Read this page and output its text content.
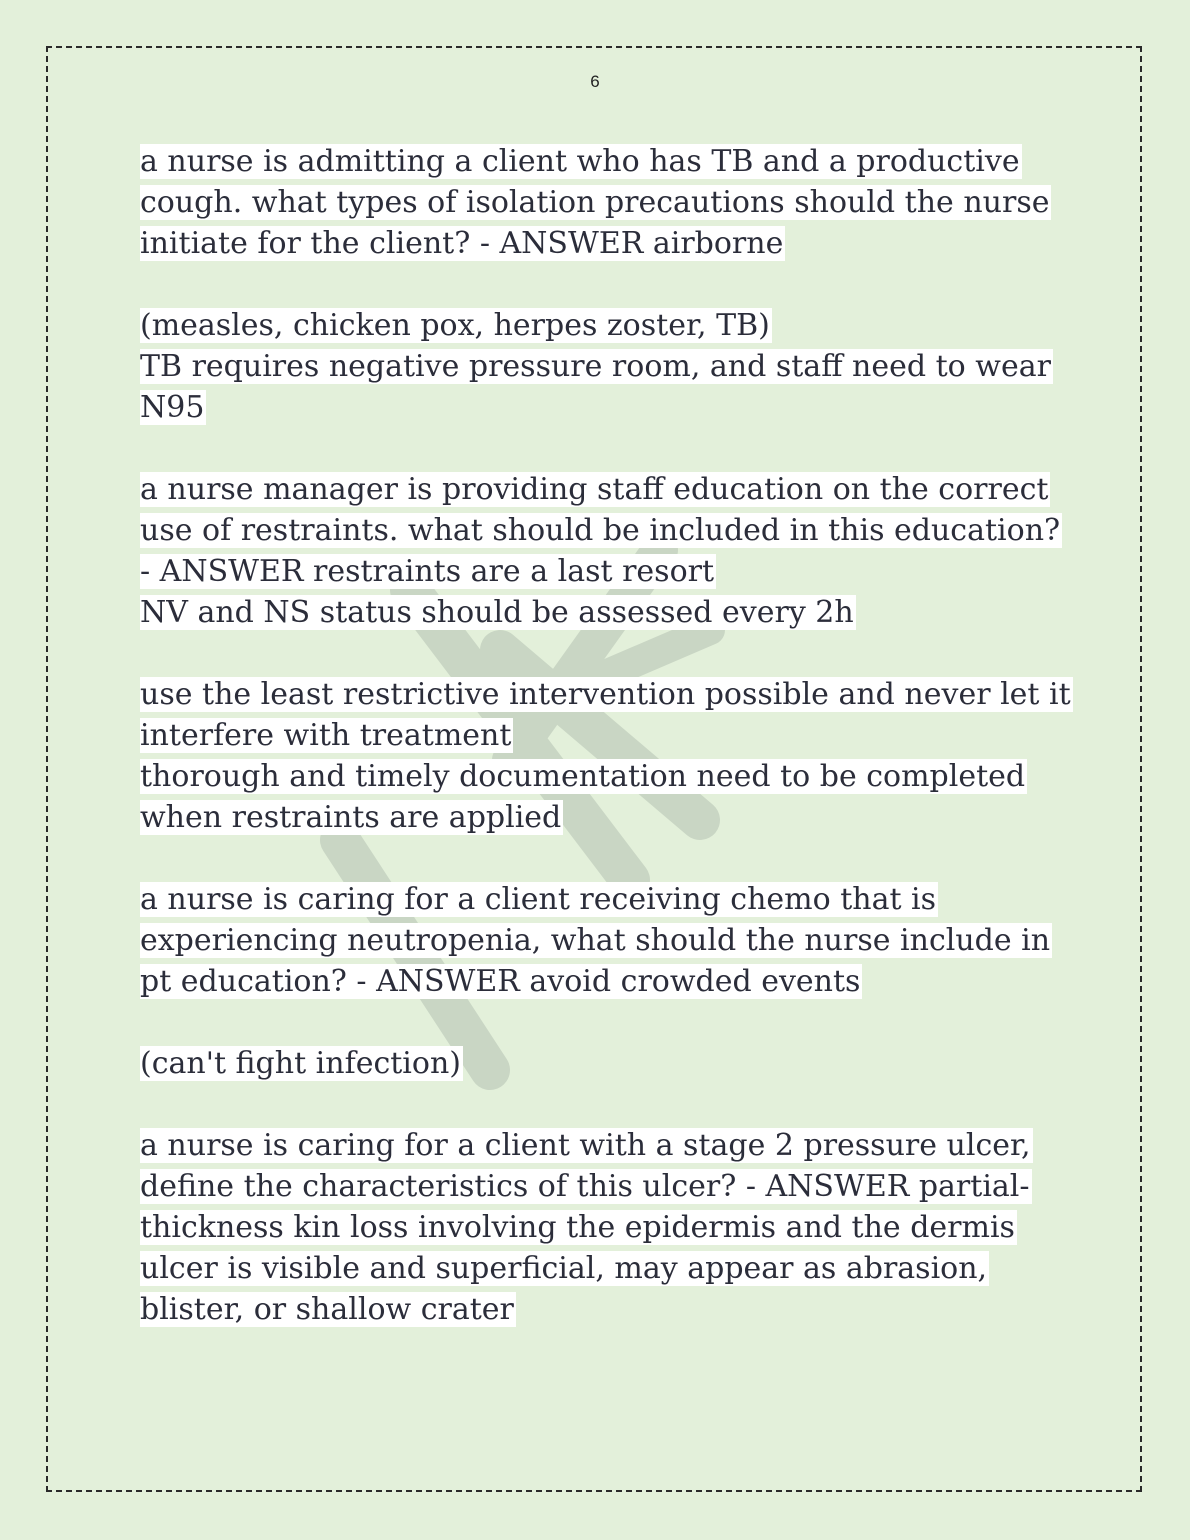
6
a nurse is admitting a client who has TB and a productive
cough. what types of isolation precautions should the nurse
initiate for the client? - ANSWER airborne
(measles, chicken pox, herpes zoster, TB)
TB requires negative pressure room, and staff need to wear
N95
a nurse manager is providing staff education on the correct
use of restraints. what should be included in this education?
- ANSWER restraints are a last resort
NV and NS status should be assessed every 2h
use the least restrictive intervention possible and never let it
interfere with treatment
thorough and timely documentation need to be completed
when restraints are applied
a nurse is caring for a client receiving chemo that is
experiencing neutropenia, what should the nurse include in
pt education? - ANSWER avoid crowded events
(can't fight infection)
a nurse is caring for a client with a stage 2 pressure ulcer,
define the characteristics of this ulcer? - ANSWER partial-
thickness kin loss involving the epidermis and the dermis
ulcer is visible and superficial, may appear as abrasion,
blister, or shallow crater
